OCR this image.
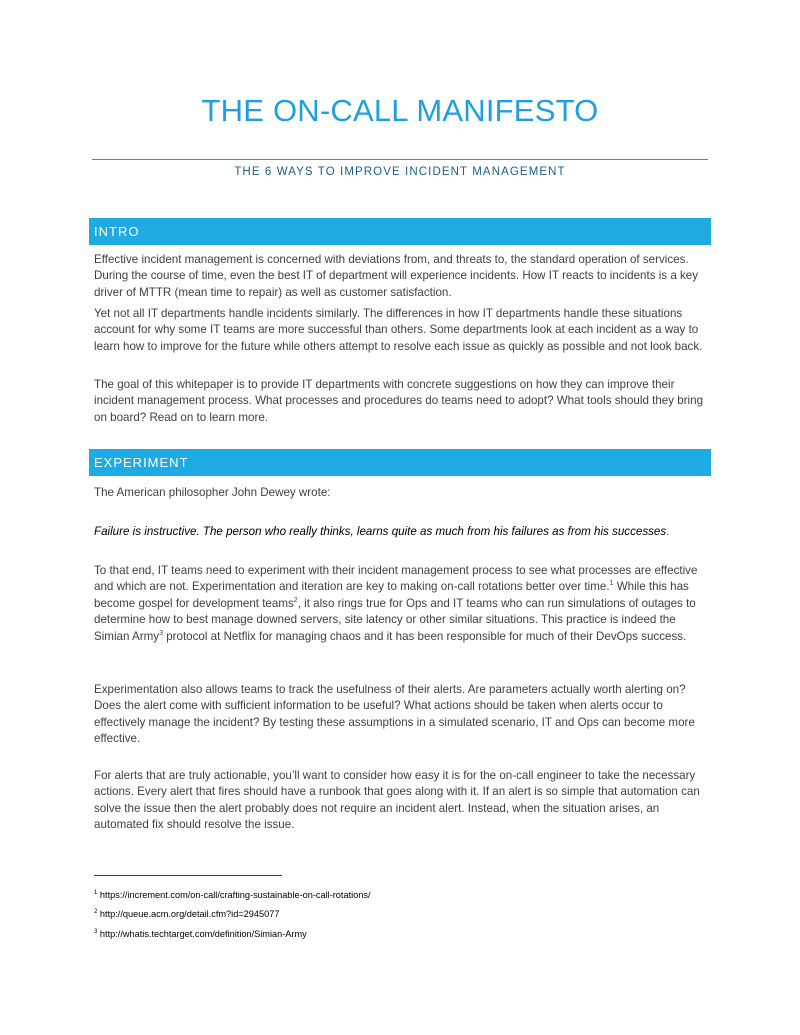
THE ON-CALL MANIFESTO

THE 6 WAYS TO IMPROVE INCIDENT MANAGEMENT

INTRO

Effective incident management is concerned with deviations from, and threats to, the standard operation of services. During the course of time, even the best IT of department will experience incidents. How IT reacts to incidents is a key driver of MTTR (mean time to repair) as well as customer satisfaction.

Yet not all IT departments handle incidents similarly. The differences in how IT departments handle these situations account for why some IT teams are more successful than others. Some departments look at each incident as a way to learn how to improve for the future while others attempt to resolve each issue as quickly as possible and not look back.

The goal of this whitepaper is to provide IT departments with concrete suggestions on how they can improve their incident management process. What processes and procedures do teams need to adopt? What tools should they bring on board? Read on to learn more.

EXPERIMENT

The American philosopher John Dewey wrote:

Failure is instructive. The person who really thinks, learns quite as much from his failures as from his successes.

To that end, IT teams need to experiment with their incident management process to see what processes are effective and which are not. Experimentation and iteration are key to making on-call rotations better over time.$^1$ While this has become gospel for development teams$^2$, it also rings true for Ops and IT teams who can run simulations of outages to determine how to best manage downed servers, site latency or other similar situations. This practice is indeed the Simian Army$^3$ protocol at Netflix for managing chaos and it has been responsible for much of their DevOps success.

Experimentation also allows teams to track the usefulness of their alerts. Are parameters actually worth alerting on? Does the alert come with sufficient information to be useful? What actions should be taken when alerts occur to effectively manage the incident? By testing these assumptions in a simulated scenario, IT and Ops can become more effective.

For alerts that are truly actionable, you’ll want to consider how easy it is for the on-call engineer to take the necessary actions. Every alert that fires should have a runbook that goes along with it. If an alert is so simple that automation can solve the issue then the alert probably does not require an incident alert. Instead, when the situation arises, an automated fix should resolve the issue.

$^1$ https://increment.com/on-call/crafting-sustainable-on-call-rotations/

$^2$ http://queue.acm.org/detail.cfm?id=2945077

$^3$ http://whatis.techtarget.com/definition/Simian-Army
